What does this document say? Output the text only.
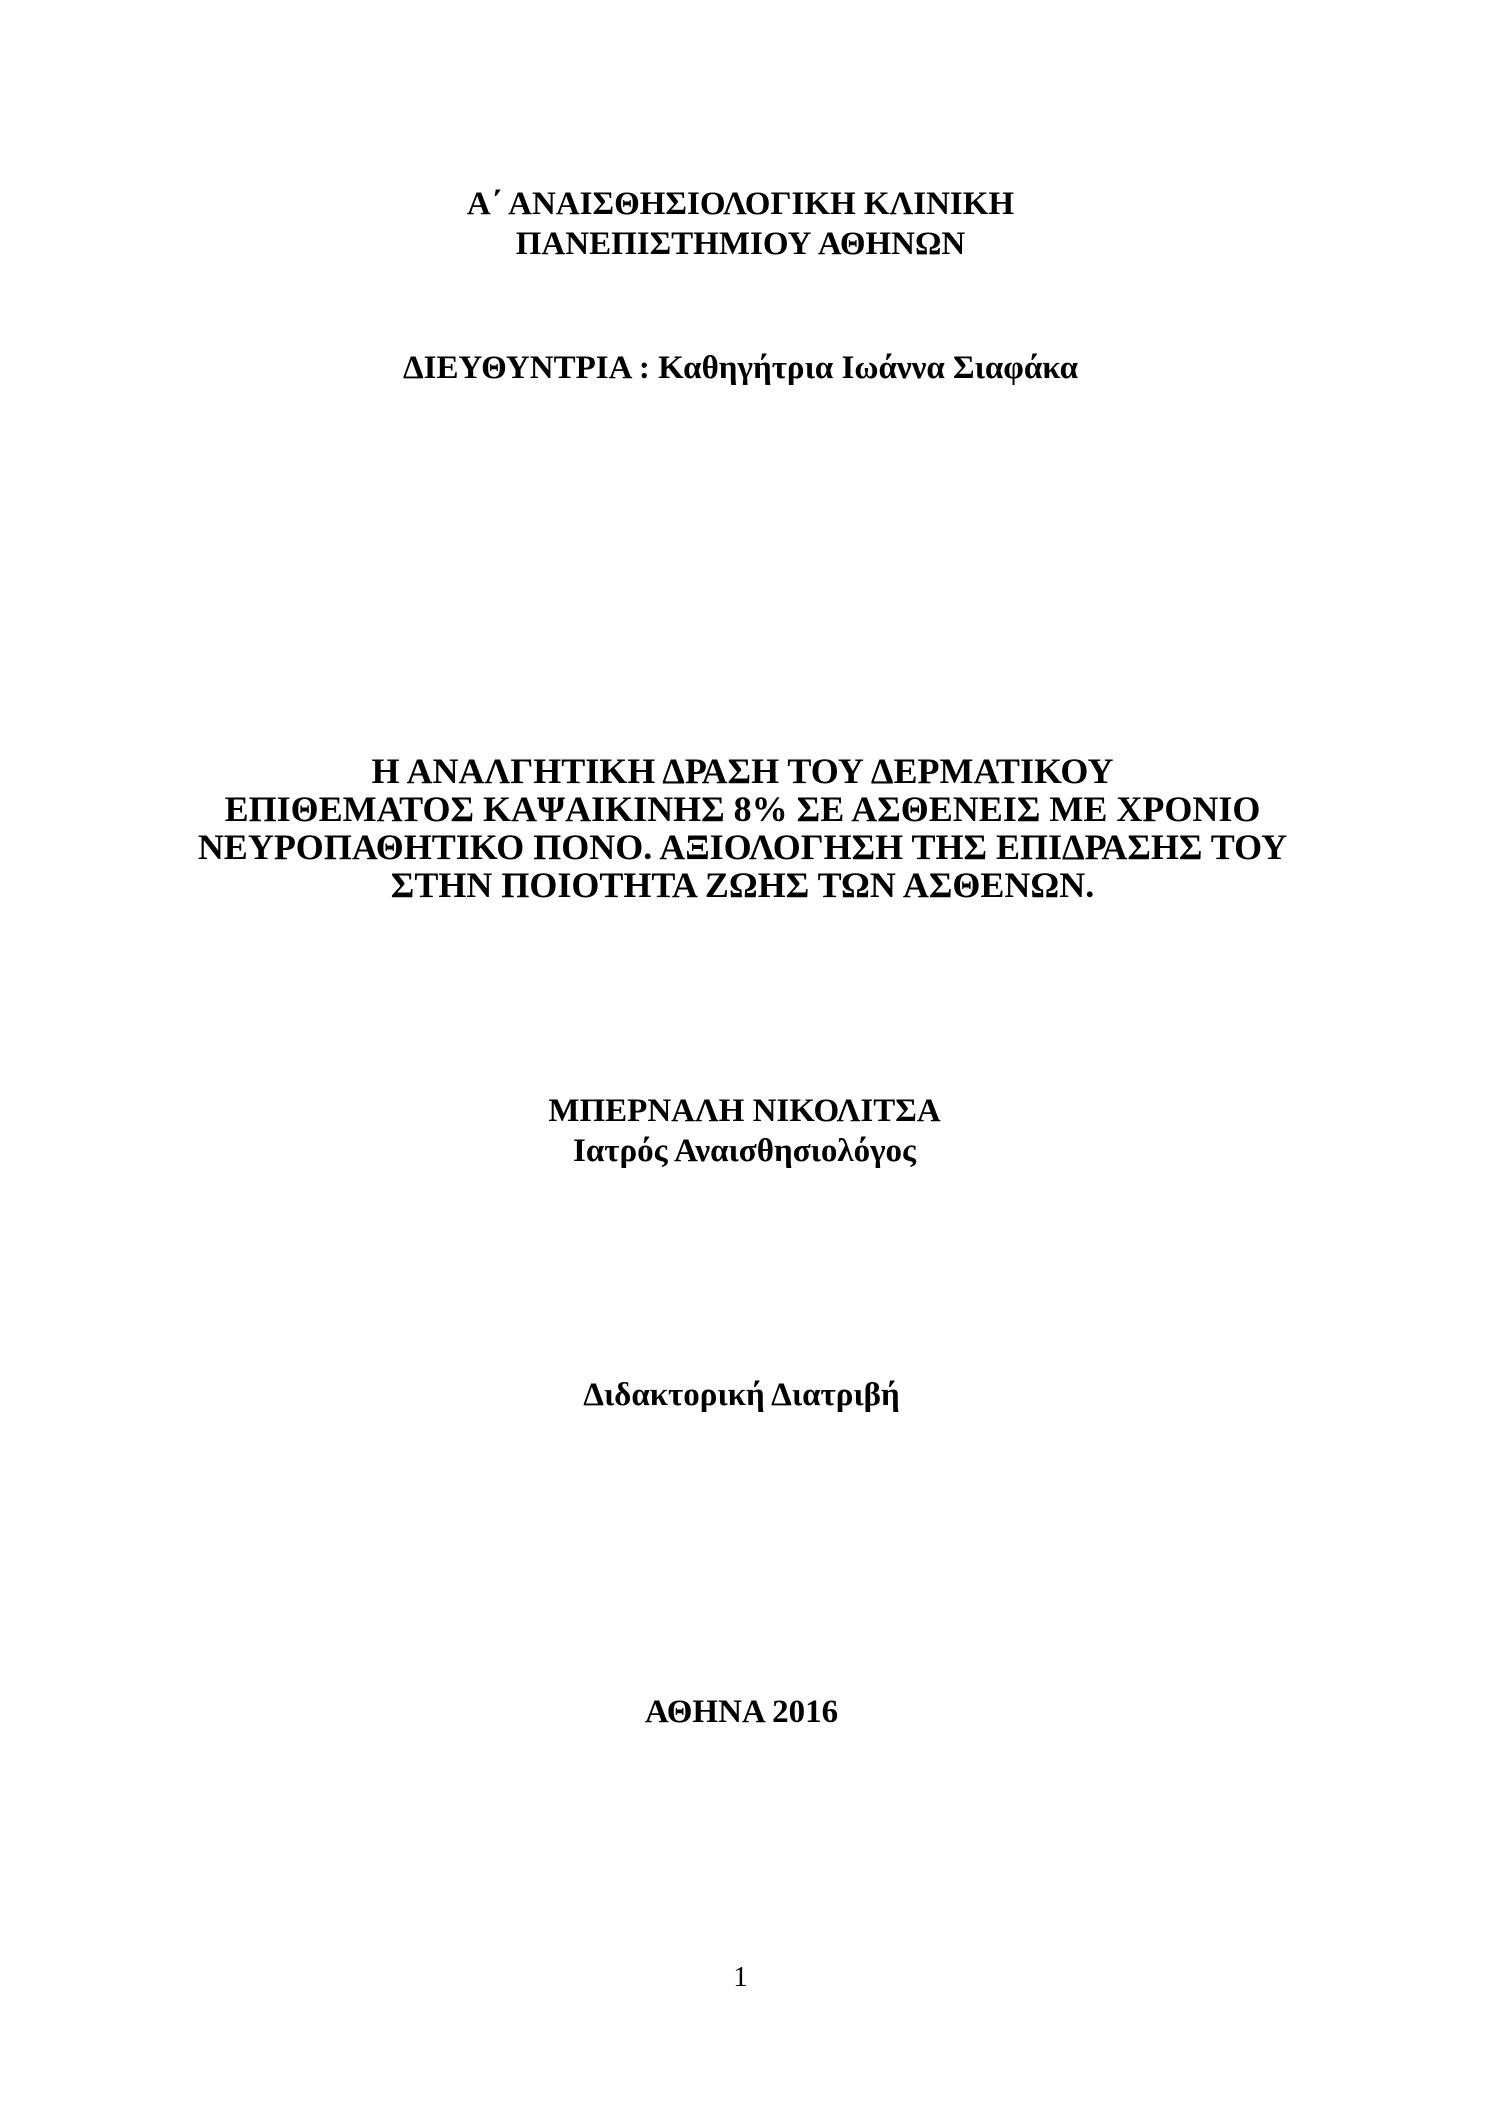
Α΄ ΑΝΑΙΣΘΗΣΙΟΛΟΓΙΚΗ ΚΛΙΝΙΚΗ
ΠΑΝΕΠΙΣΤΗΜΙΟΥ ΑΘΗΝΩΝ
ΔΙΕΥΘΥΝΤΡΙΑ : Καθηγήτρια Ιωάννα Σιαφάκα
Η ΑΝΑΛΓΗΤΙΚΗ ΔΡΑΣΗ ΤΟΥ ΔΕΡΜΑΤΙΚΟΥ
ΕΠΙΘΕΜΑΤΟΣ ΚΑΨΑΙΚΙΝΗΣ 8% ΣΕ ΑΣΘΕΝΕΙΣ ΜΕ ΧΡΟΝΙΟ
ΝΕΥΡΟΠΑΘΗΤΙΚΟ ΠΟΝΟ. ΑΞΙΟΛΟΓΗΣΗ ΤΗΣ ΕΠΙΔΡΑΣΗΣ ΤΟΥ
ΣΤΗΝ ΠΟΙΟΤΗΤΑ ΖΩΗΣ ΤΩΝ ΑΣΘΕΝΩΝ.
ΜΠΕΡΝΑΛΗ ΝΙΚΟΛΙΤΣΑ
Ιατρός Αναισθησιολόγος
Διδακτορική Διατριβή
ΑΘΗΝΑ 2016
1
